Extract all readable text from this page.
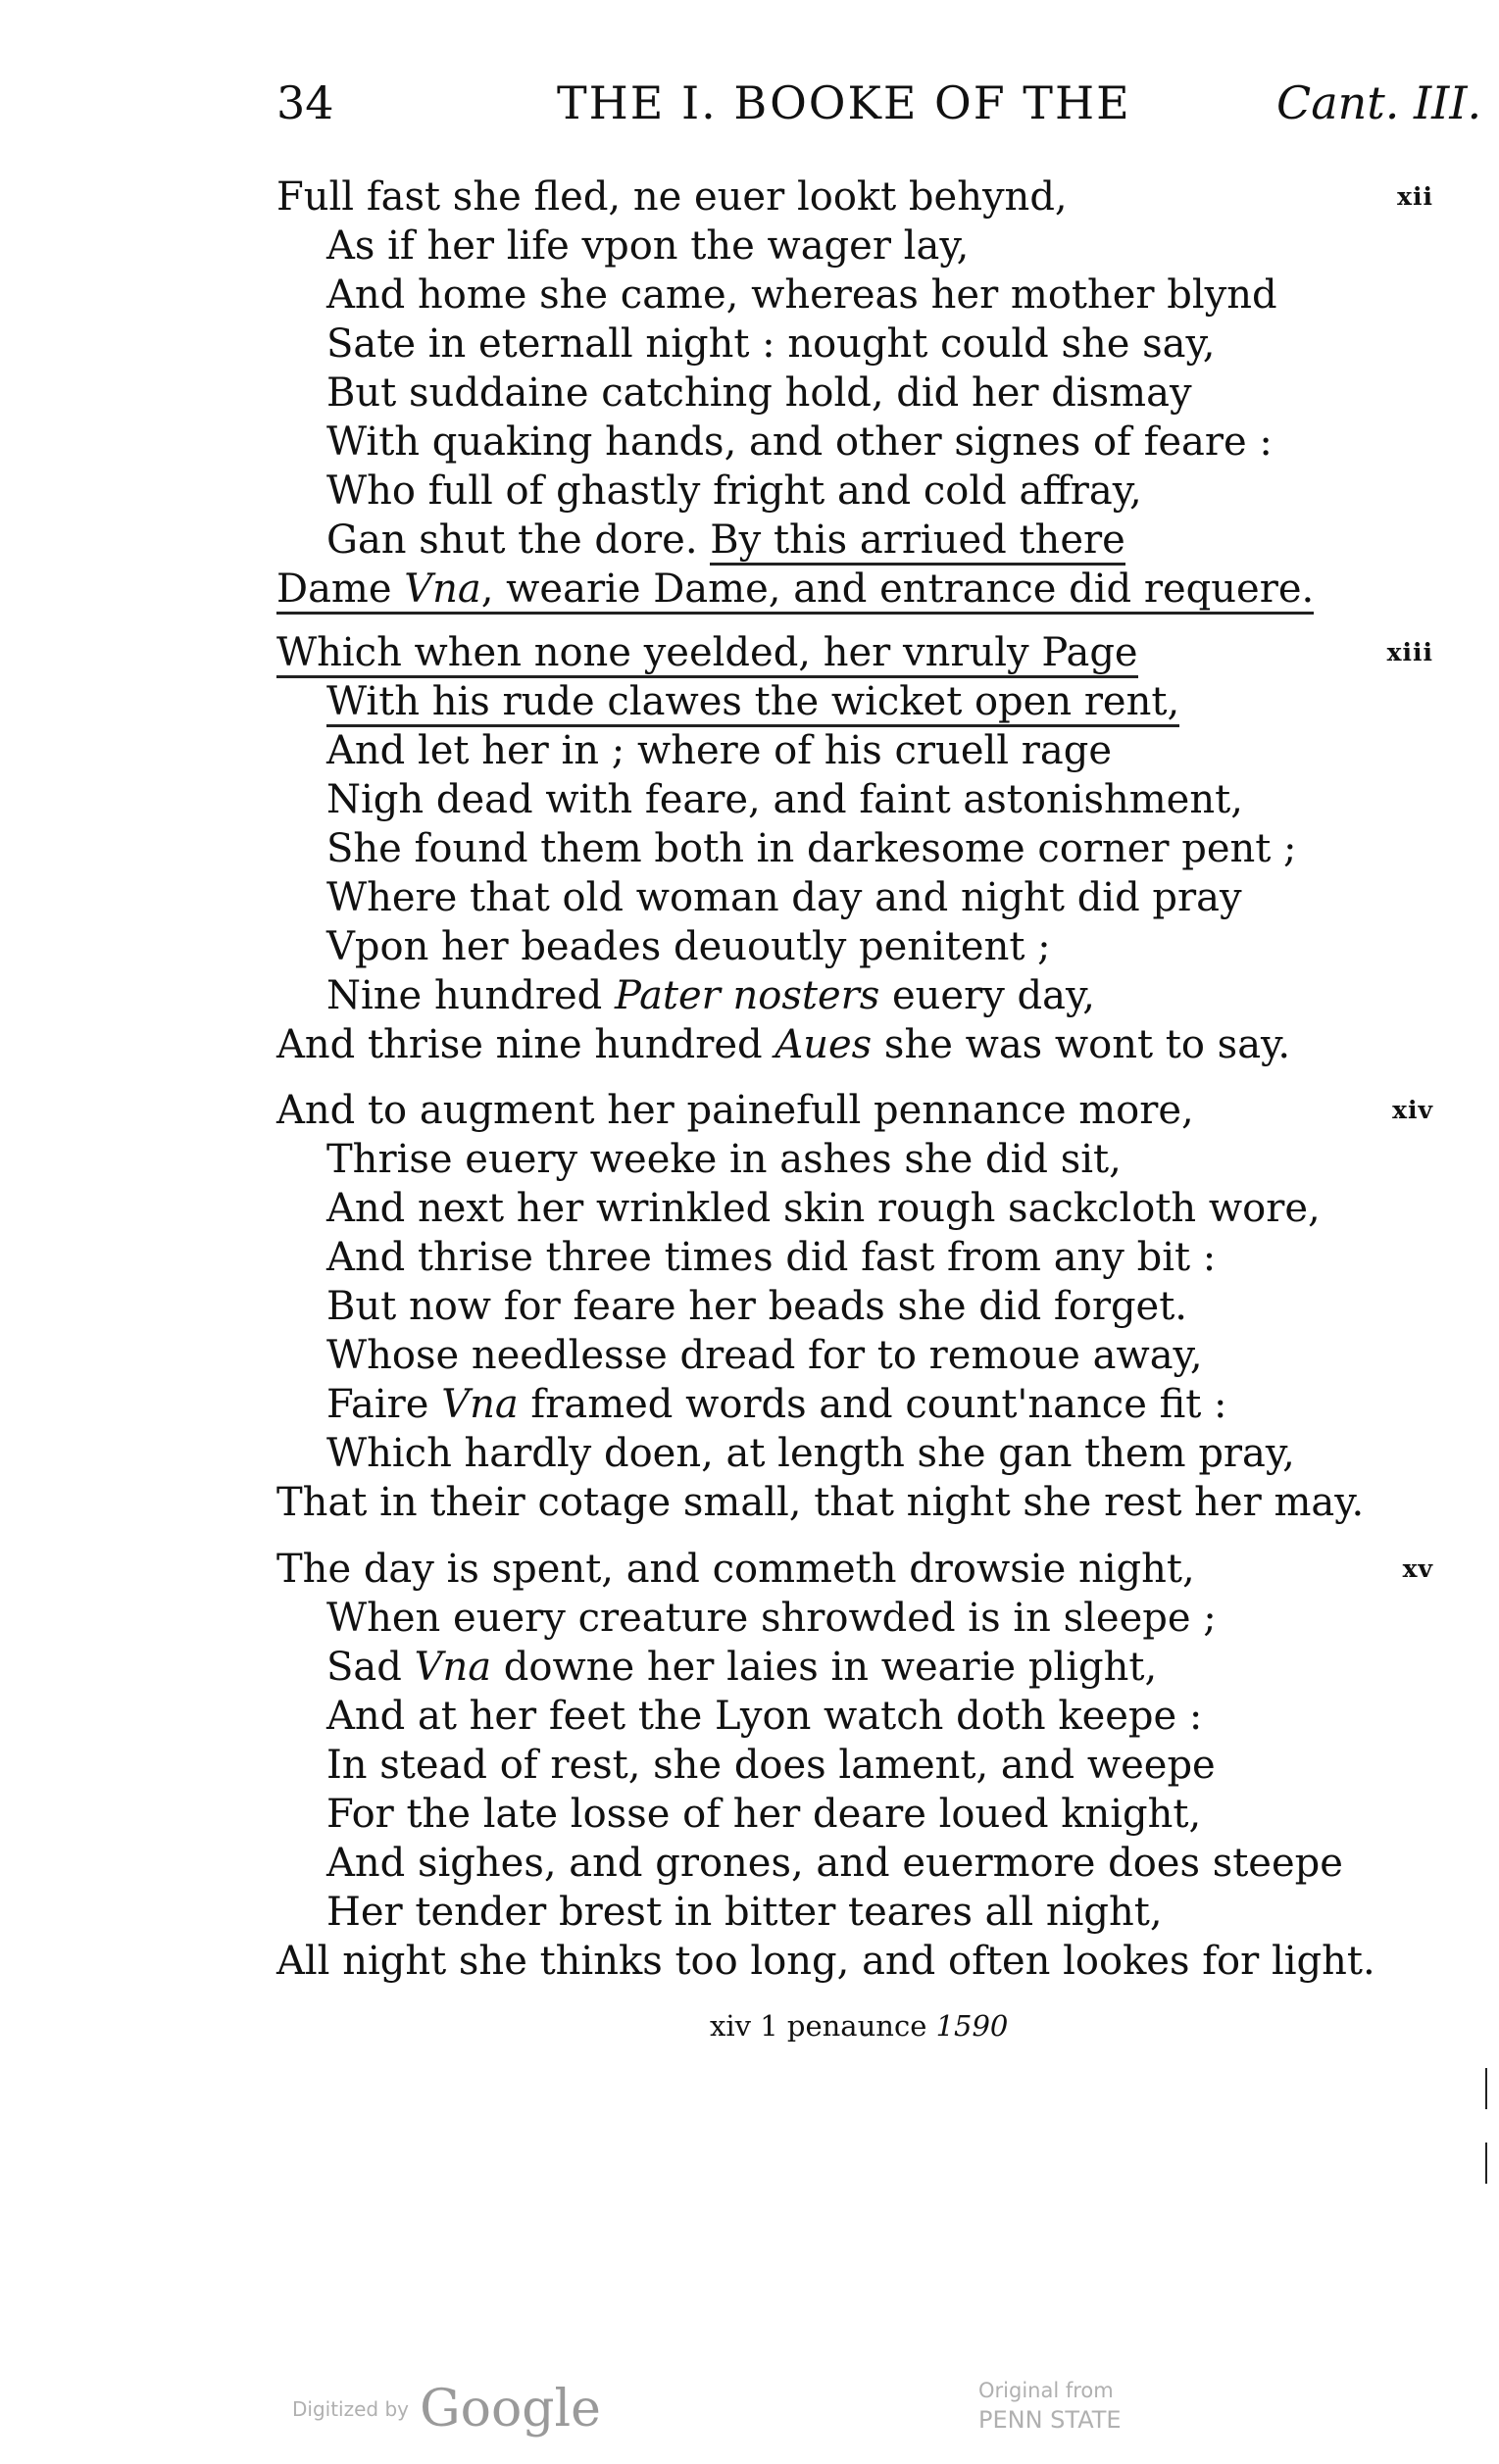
34	THE I. BOOKE OF THE	Cant. III.
Full fast she fled, ne euer lookt behynd,	xii
As if her life vpon the wager lay,
And home she came, whereas her mother blynd
Sate in eternall night : nought could she say,
But suddaine catching hold, did her dismay
With quaking hands, and other signes of feare :
Who full of ghastly fright and cold affray,
Gan shut the dore. By this arriued there
Dame Vna, wearie Dame, and entrance did requere.
Which when none yeelded, her vnruly Page	xiii
With his rude clawes the wicket open rent,
And let her in ; where of his cruell rage
Nigh dead with feare, and faint astonishment,
She found them both in darkesome corner pent ;
Where that old woman day and night did pray
Vpon her beades deuoutly penitent ;
Nine hundred Pater nosters euery day,
And thrise nine hundred Aues she was wont to say.
And to augment her painefull pennance more,	xiv
Thrise euery weeke in ashes she did sit,
And next her wrinkled skin rough sackcloth wore,
And thrise three times did fast from any bit :
But now for feare her beads she did forget.
Whose needlesse dread for to remoue away,
Faire Vna framed words and count'nance fit :
Which hardly doen, at length she gan them pray,
That in their cotage small, that night she rest her may.
The day is spent, and commeth drowsie night,	xv
When euery creature shrowded is in sleepe ;
Sad Vna downe her laies in wearie plight,
And at her feet the Lyon watch doth keepe :
In stead of rest, she does lament, and weepe
For the late losse of her deare loued knight,
And sighes, and grones, and euermore does steepe
Her tender brest in bitter teares all night,
All night she thinks too long, and often lookes for light.
xiv 1 penaunce 1590
Digitized by Google	Original from
PENN STATE
